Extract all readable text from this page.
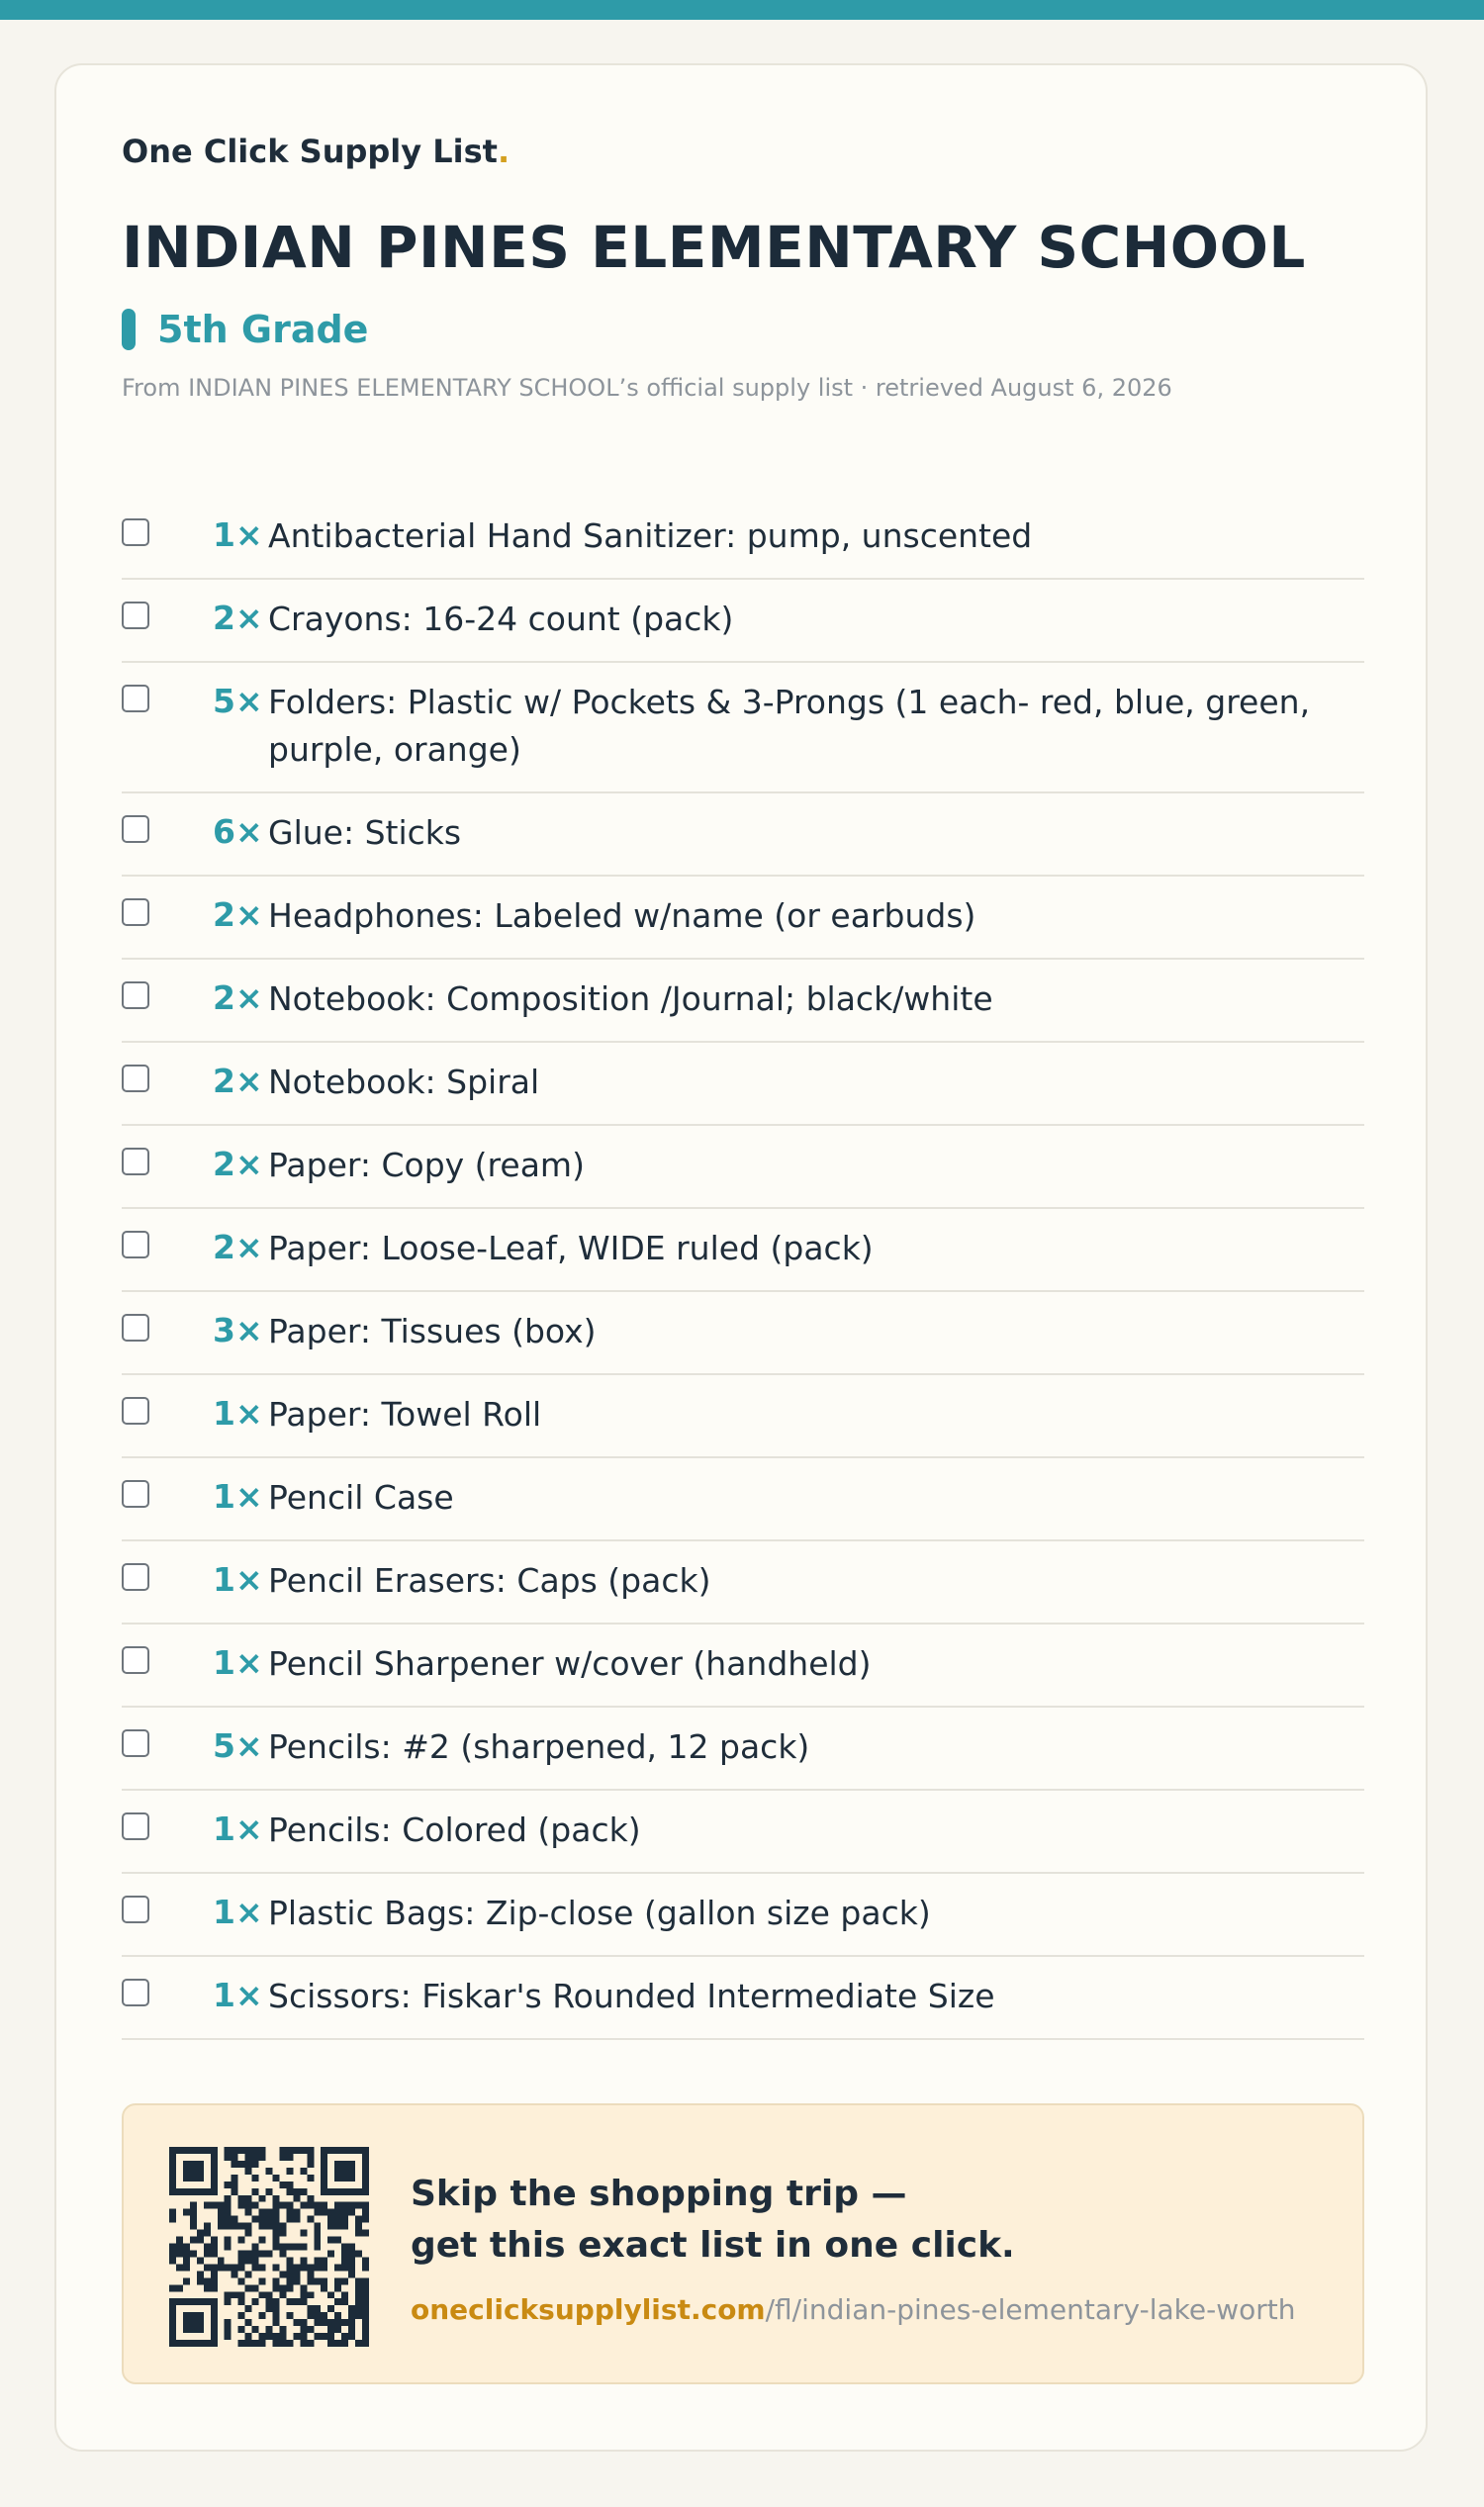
One Click Supply List.
INDIAN PINES ELEMENTARY SCHOOL
5th Grade
From INDIAN PINES ELEMENTARY SCHOOL’s official supply list · retrieved August 6, 2026
1× Antibacterial Hand Sanitizer: pump, unscented
2× Crayons: 16-24 count (pack)
5× Folders: Plastic w/ Pockets & 3-Prongs (1 each- red, blue, green, purple, orange)
6× Glue: Sticks
2× Headphones: Labeled w/name (or earbuds)
2× Notebook: Composition /Journal; black/white
2× Notebook: Spiral
2× Paper: Copy (ream)
2× Paper: Loose-Leaf, WIDE ruled (pack)
3× Paper: Tissues (box)
1× Paper: Towel Roll
1× Pencil Case
1× Pencil Erasers: Caps (pack)
1× Pencil Sharpener w/cover (handheld)
5× Pencils: #2 (sharpened, 12 pack)
1× Pencils: Colored (pack)
1× Plastic Bags: Zip-close (gallon size pack)
1× Scissors: Fiskar's Rounded Intermediate Size
Skip the shopping trip —
get this exact list in one click.
oneclicksupplylist.com/fl/indian-pines-elementary-lake-worth
